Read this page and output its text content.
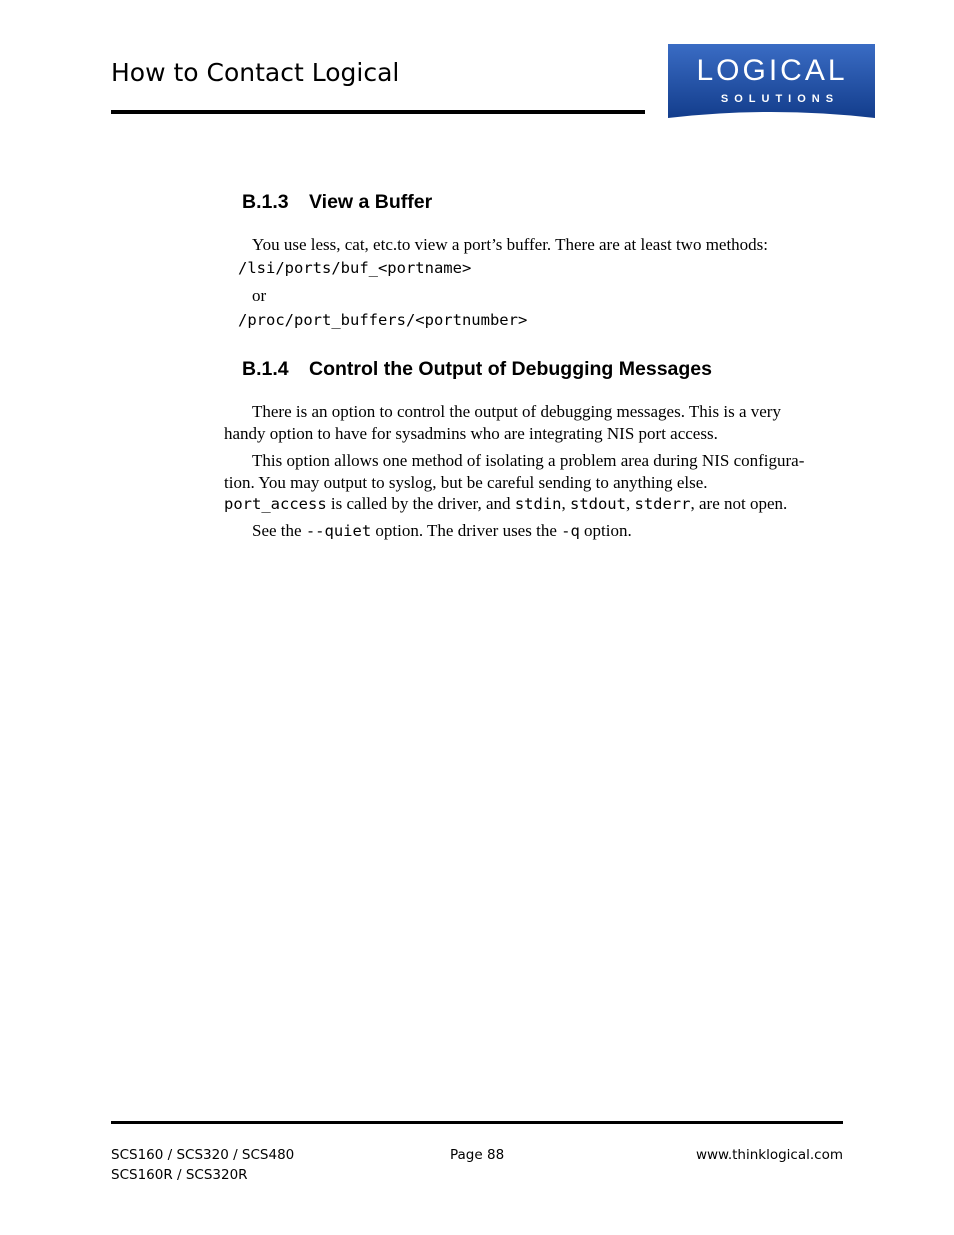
How to Contact Logical	LOGICAL
SOLUTIONS
B.1.3 View a Buffer
You use less, cat, etc.to view a port’s buffer. There are at least two methods:
/lsi/ports/buf_<portname>
or
/proc/port_buffers/<portnumber>
B.1.4 Control the Output of Debugging Messages
There is an option to control the output of debugging messages. This is a very
handy option to have for sysadmins who are integrating NIS port access.
This option allows one method of isolating a problem area during NIS configura-
tion. You may output to syslog, but be careful sending to anything else.
port_access is called by the driver, and stdin, stdout, stderr, are not open.
See the --quiet option. The driver uses the -q option.
SCS160 / SCS320 / SCS480
SCS160R / SCS320R
Page 88	www.thinklogical.com
